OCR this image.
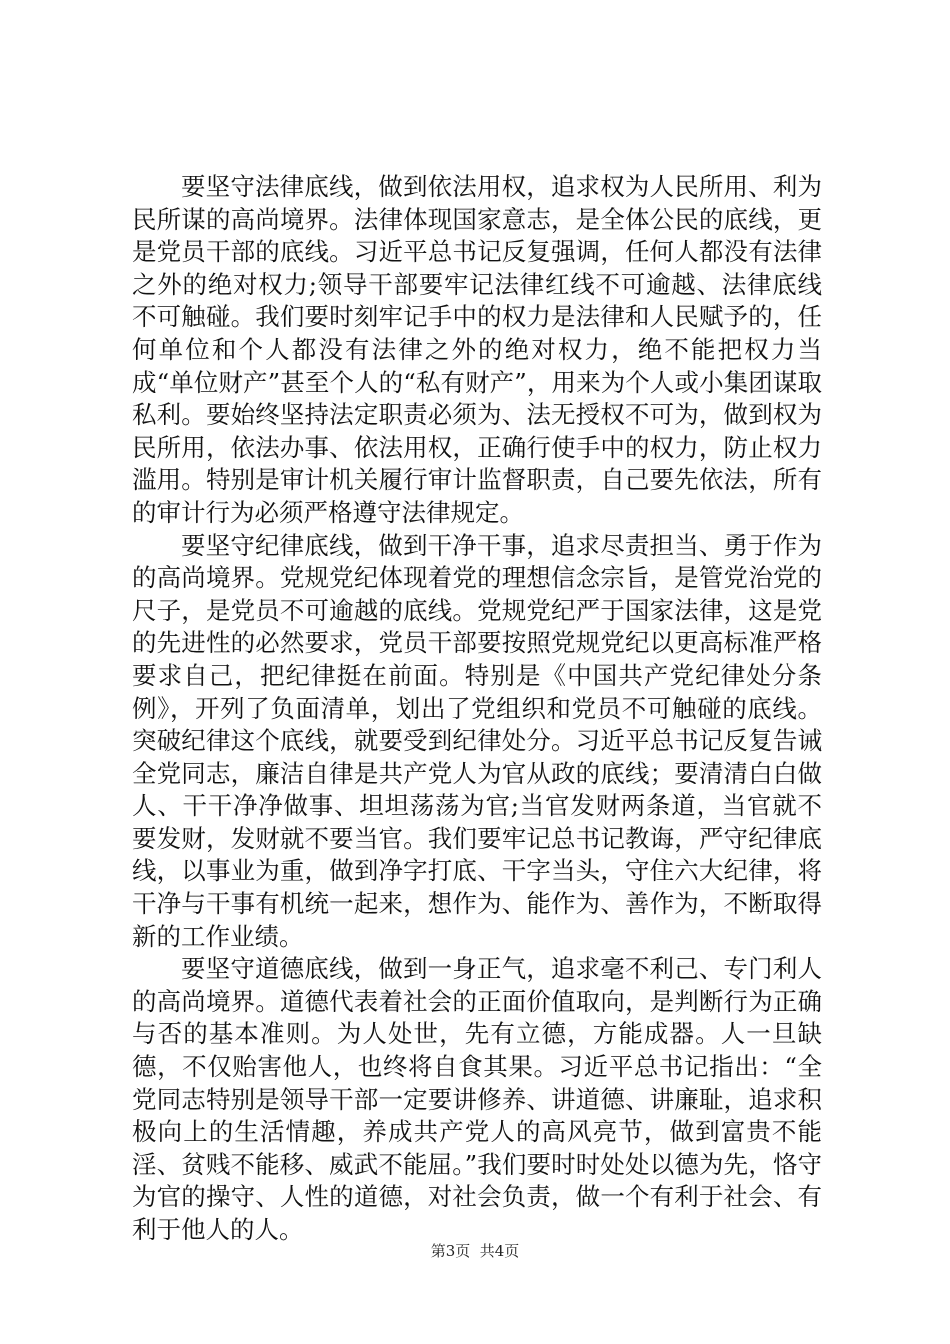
要坚守法律底线，做到依法用权，追求权为人民所用、利为民所谋的高尚境界。法律体现国家意志，是全体公民的底线，更是党员干部的底线。习近平总书记反复强调，任何人都没有法律之外的绝对权力;领导干部要牢记法律红线不可逾越、法律底线不可触碰。我们要时刻牢记手中的权力是法律和人民赋予的，任何单位和个人都没有法律之外的绝对权力，绝不能把权力当成“单位财产”甚至个人的“私有财产”，用来为个人或小集团谋取私利。要始终坚持法定职责必须为、法无授权不可为，做到权为民所用，依法办事、依法用权，正确行使手中的权力，防止权力滥用。特别是审计机关履行审计监督职责，自己要先依法，所有的审计行为必须严格遵守法律规定。

要坚守纪律底线，做到干净干事，追求尽责担当、勇于作为的高尚境界。党规党纪体现着党的理想信念宗旨，是管党治党的尺子，是党员不可逾越的底线。党规党纪严于国家法律，这是党的先进性的必然要求，党员干部要按照党规党纪以更高标准严格要求自己，把纪律挺在前面。特别是《中国共产党纪律处分条例》，开列了负面清单，划出了党组织和党员不可触碰的底线。突破纪律这个底线，就要受到纪律处分。习近平总书记反复告诫全党同志，廉洁自律是共产党人为官从政的底线；要清清白白做人、干干净净做事、坦坦荡荡为官;当官发财两条道，当官就不要发财，发财就不要当官。我们要牢记总书记教诲，严守纪律底线，以事业为重，做到净字打底、干字当头，守住六大纪律，将干净与干事有机统一起来，想作为、能作为、善作为，不断取得新的工作业绩。

要坚守道德底线，做到一身正气，追求毫不利己、专门利人的高尚境界。道德代表着社会的正面价值取向，是判断行为正确与否的基本准则。为人处世，先有立德，方能成器。人一旦缺德，不仅贻害他人，也终将自食其果。习近平总书记指出：“全党同志特别是领导干部一定要讲修养、讲道德、讲廉耻，追求积极向上的生活情趣，养成共产党人的高风亮节，做到富贵不能淫、贫贱不能移、威武不能屈。”我们要时时处处以德为先，恪守为官的操守、人性的道德，对社会负责，做一个有利于社会、有利于他人的人。

第3页  共4页
